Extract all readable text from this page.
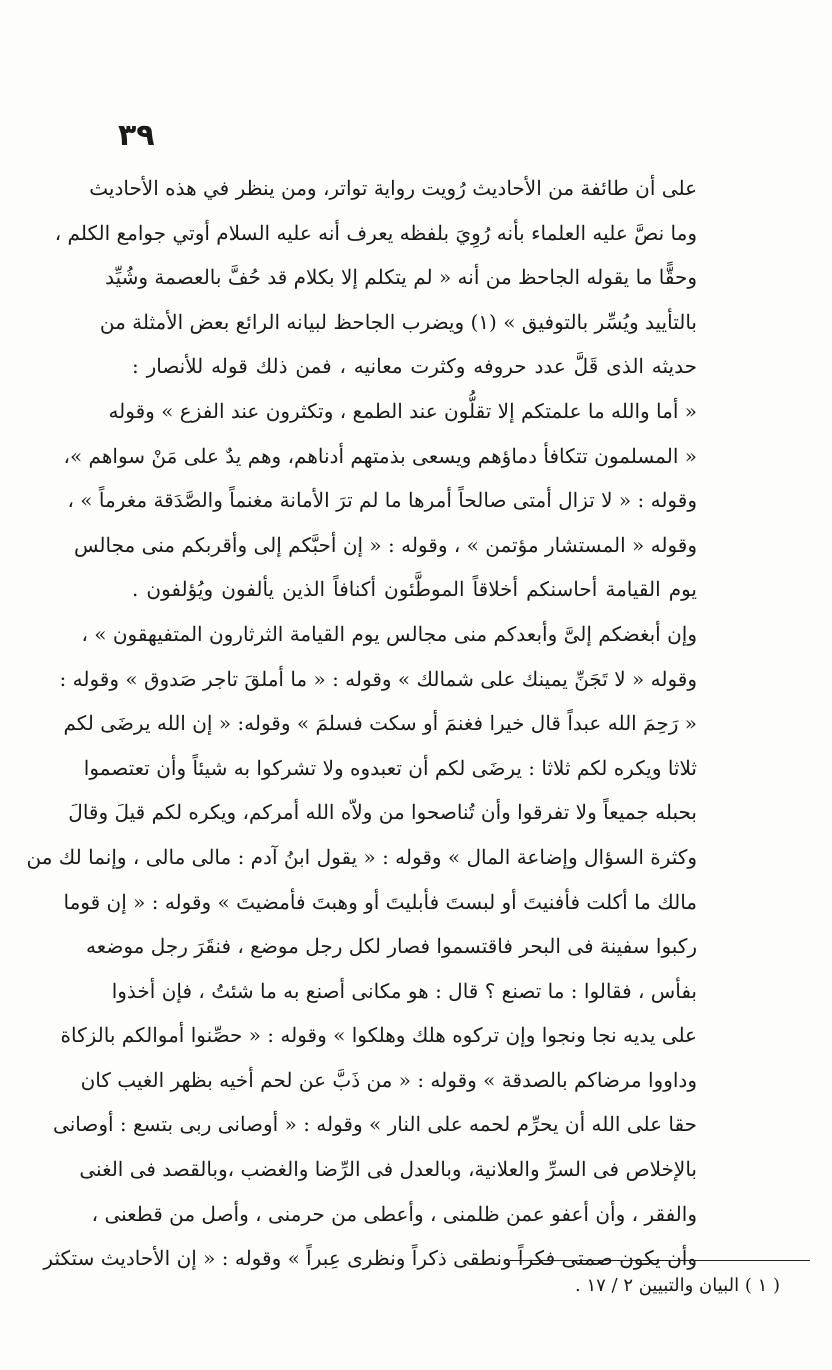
٣٩
على أن طائفة من الأحاديث رُويت رواية تواتر، ومن ينظر في هذه الأحاديث
وما نصَّ عليه العلماء بأنه رُوِيَ بلفظه يعرف أنه عليه السلام أوتي جوامع الكلم ،
وحقًّا ما يقوله الجاحظ من أنه « لم يتكلم إلا بكلام قد حُفَّ بالعصمة وشُيِّد
بالتأييد ويُسِّر بالتوفيق » (١) ويضرب الجاحظ لبيانه الرائع بعض الأمثلة من
حديثه الذى قَلَّ عدد حروفه وكثرت معانيه ، فمن ذلك قوله للأنصار :
« أما والله ما علمتكم إلا تقلُّون عند الطمع ، وتكثرون عند الفزع » وقوله
« المسلمون تتكافأ دماؤهم ويسعى بذمتهم أدناهم، وهم يدٌ على مَنْ سواهم »،
وقوله : « لا تزال أمتى صالحاً أمرها ما لم ترَ الأمانة مغنماً والصَّدَقة مغرماً » ،
وقوله « المستشار مؤتمن » ، وقوله : « إن أحبَّكم إلى وأقربكم منى مجالس
يوم القيامة أحاسنكم أخلاقاً الموطَّئون أكنافاً الذين يألفون ويُؤلفون .
وإن أبغضكم إلىَّ وأبعدكم منى مجالس يوم القيامة الثرثارون المتفيهقون » ،
وقوله « لا تَجَنِّ يمينك على شمالك » وقوله : « ما أملقَ تاجر صَدوق » وقوله :
« رَحِمَ الله عبداً قال خيرا فغنمَ أو سكت فسلمَ » وقوله: « إن الله يرضَى لكم
ثلاثا ويكره لكم ثلاثا : يرضَى لكم أن تعبدوه ولا تشركوا به شيئاً وأن تعتصموا
بحبله جميعاً ولا تفرقوا وأن تُناصحوا من ولاّه الله أمركم، ويكره لكم قيلَ وقالَ
وكثرة السؤال وإضاعة المال » وقوله : « يقول ابنُ آدم : مالى مالى ، وإنما لك من
مالك ما أكلت فأفنيتَ أو لبستَ فأبليتَ أو وهبتَ فأمضيتَ » وقوله : « إن قوما
ركبوا سفينة فى البحر فاقتسموا فصار لكل رجل موضع ، فنقَرَ رجل موضعه
بفأس ، فقالوا : ما تصنع ؟ قال : هو مكانى أصنع به ما شئتُ ، فإن أخذوا
على يديه نجا ونجوا وإن تركوه هلك وهلكوا » وقوله : « حصِّنوا أموالكم بالزكاة
وداووا مرضاكم بالصدقة » وقوله : « من ذَبَّ عن لحم أخيه بظهر الغيب كان
حقا على الله أن يحرِّم لحمه على النار » وقوله : « أوصانى ربى بتسع : أوصانى
بالإخلاص فى السرِّ والعلانية، وبالعدل فى الرِّضا والغضب ،وبالقصد فى الغنى
والفقر ، وأن أعفو عمن ظلمنى ، وأعطى من حرمنى ، وأصل من قطعنى ،
وأن يكون صمتى فكراً ونطقى ذكراً ونظرى عِبراً » وقوله : « إن الأحاديث ستكثر
( ١ ) البيان والتبيين ٢ / ١٧ .
